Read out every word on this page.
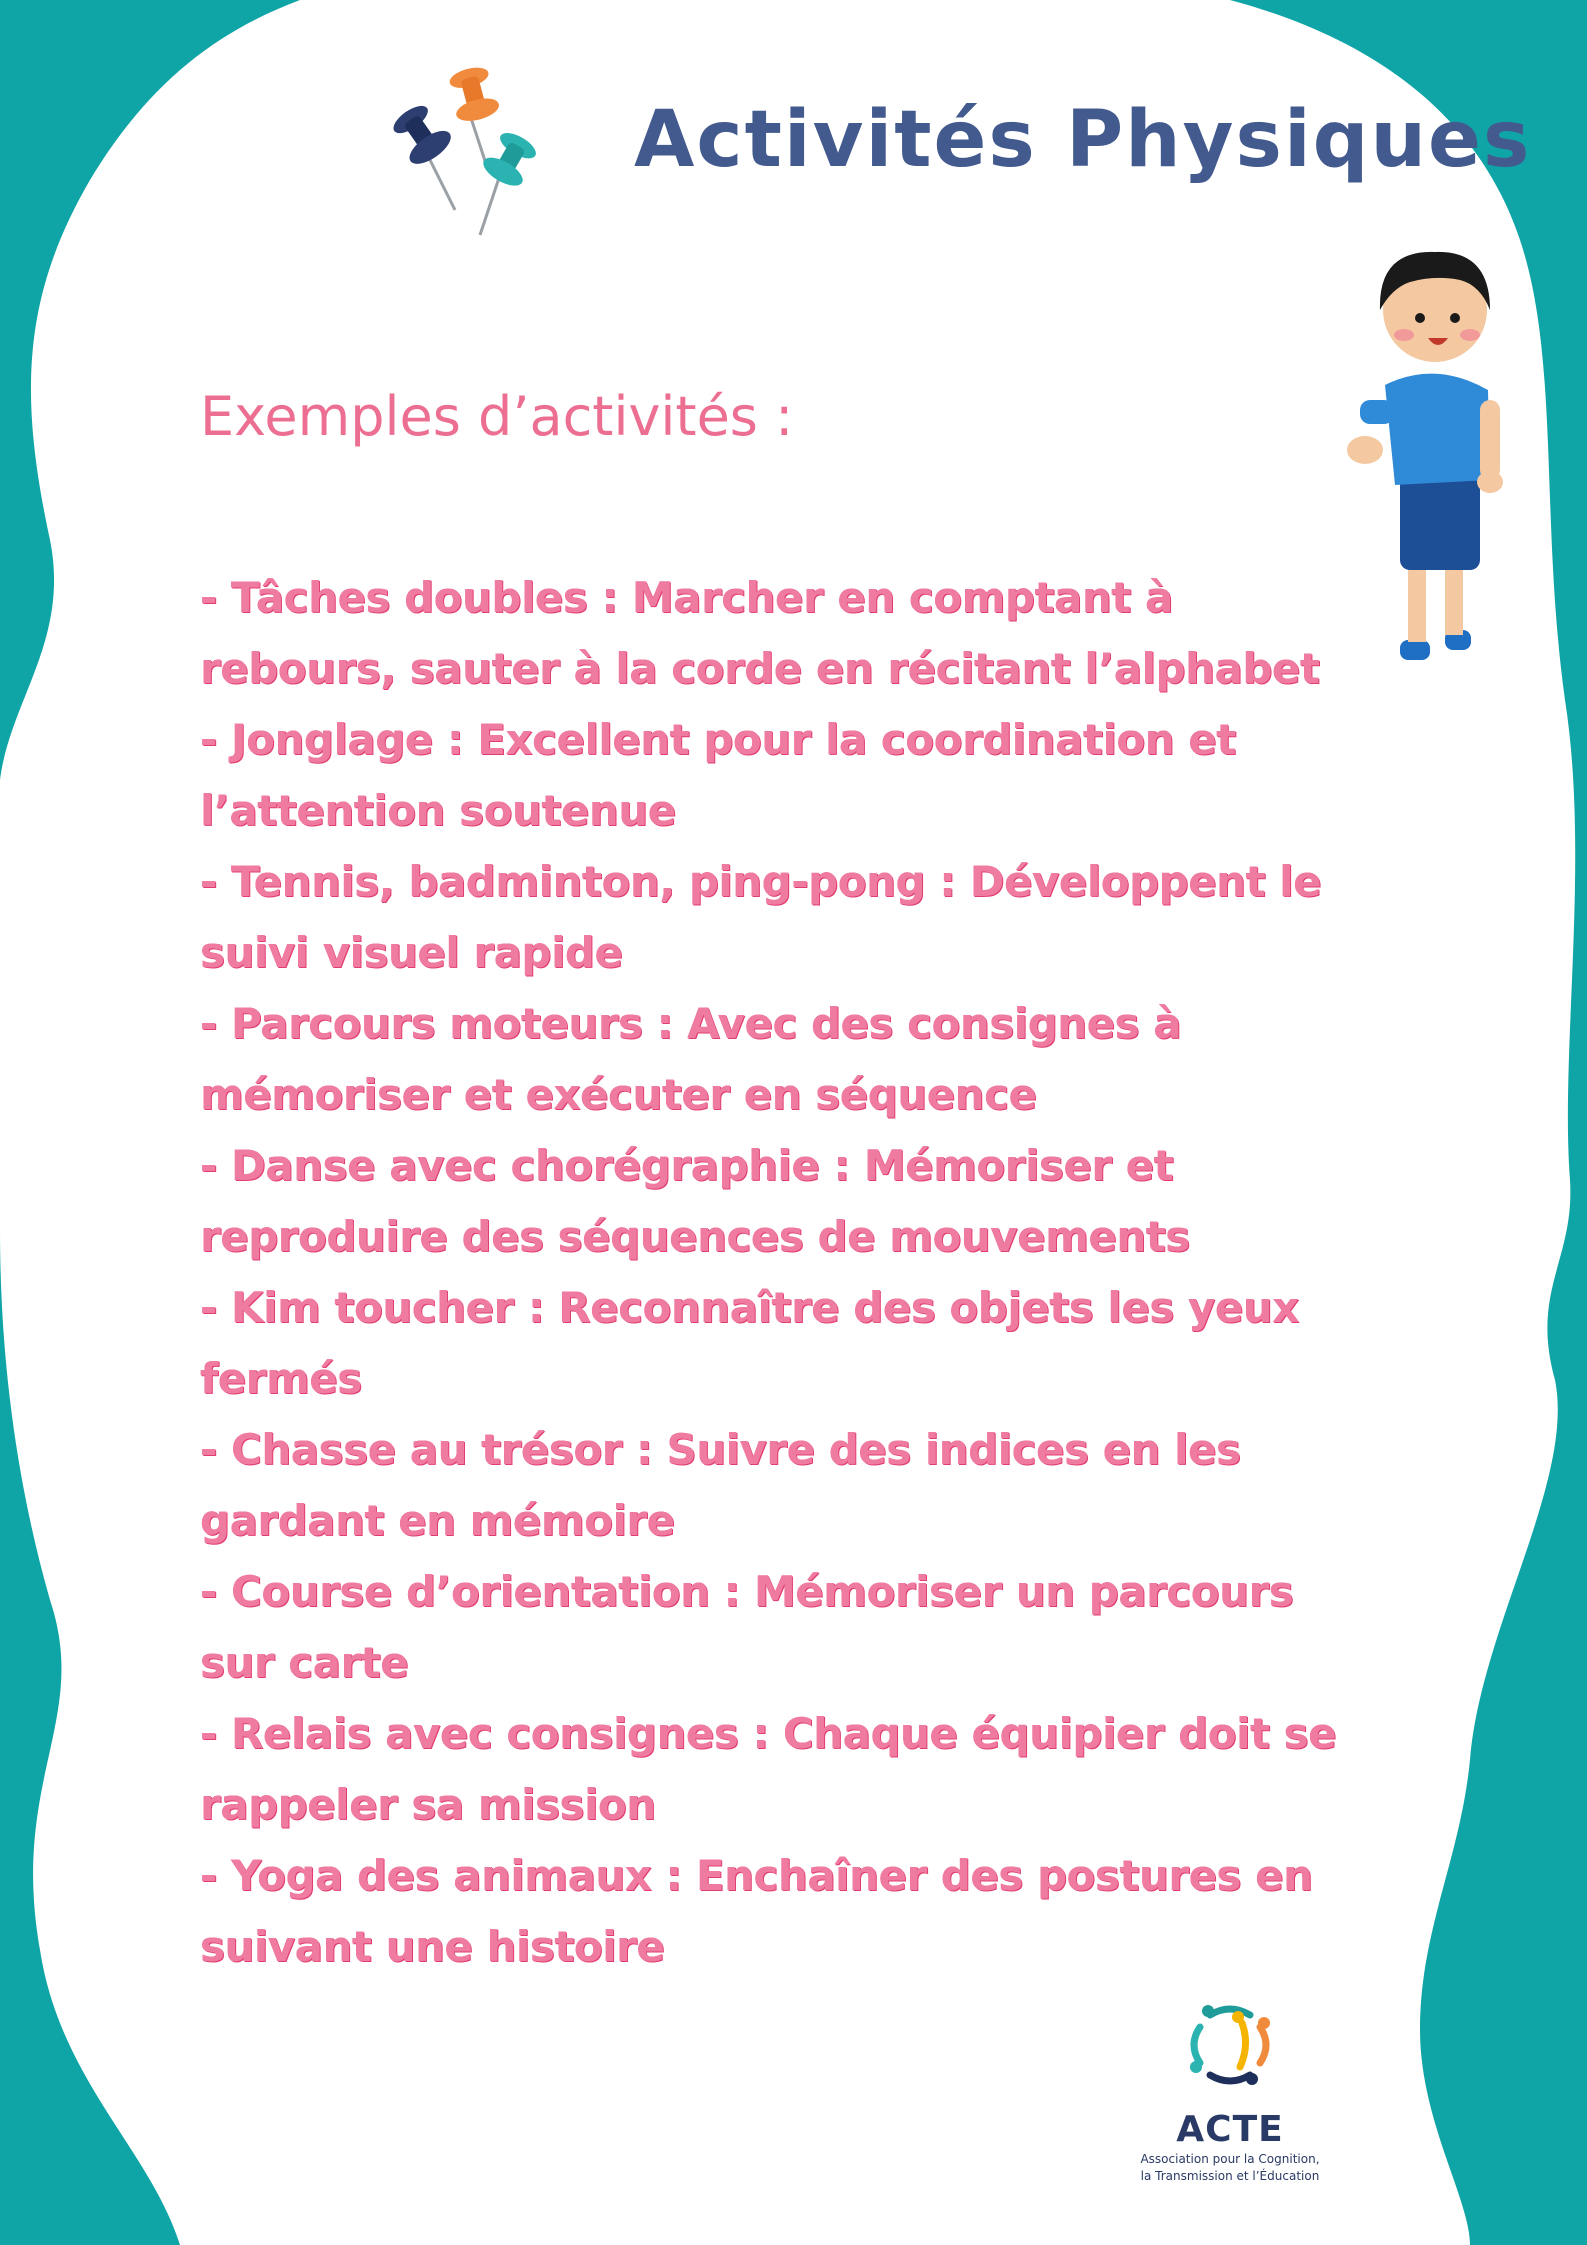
Activités Physiques
Exemples d’activités :
- Tâches doubles : Marcher en comptant à rebours, sauter à la corde en récitant l’alphabet
- Jonglage : Excellent pour la coordination et l’attention soutenue
- Tennis, badminton, ping-pong : Développent le suivi visuel rapide
- Parcours moteurs : Avec des consignes à mémoriser et exécuter en séquence
- Danse avec chorégraphie : Mémoriser et reproduire des séquences de mouvements
- Kim toucher : Reconnaître des objets les yeux fermés
- Chasse au trésor : Suivre des indices en les gardant en mémoire
- Course d’orientation : Mémoriser un parcours sur carte
- Relais avec consignes : Chaque équipier doit se rappeler sa mission
- Yoga des animaux : Enchaîner des postures en suivant une histoire
ACTE
Association pour la Cognition,
la Transmission et l’Éducation
